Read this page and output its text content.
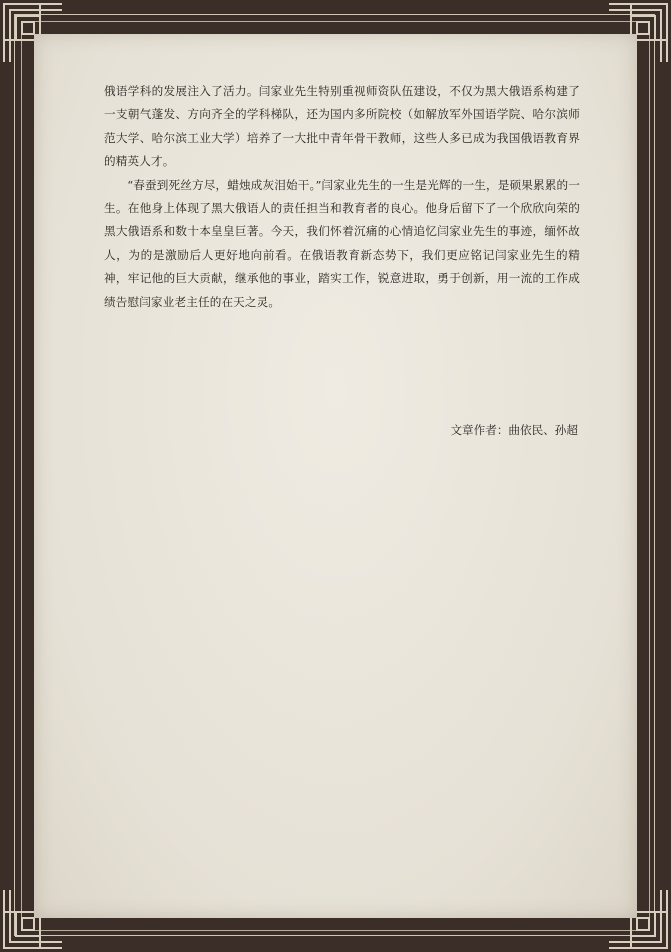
俄语学科的发展注入了活力。闫家业先生特别重视师资队伍建设，不仅为黑大俄语系构建了一支朝气蓬发、方向齐全的学科梯队，还为国内多所院校（如解放军外国语学院、哈尔滨师范大学、哈尔滨工业大学）培养了一大批中青年骨干教师，这些人多已成为我国俄语教育界的精英人才。

“春蚕到死丝方尽，蜡烛成灰泪始干。”闫家业先生的一生是光辉的一生，是硕果累累的一生。在他身上体现了黑大俄语人的责任担当和教育者的良心。他身后留下了一个欣欣向荣的黑大俄语系和数十本皇皇巨著。今天，我们怀着沉痛的心情追忆闫家业先生的事迹，缅怀故人，为的是激励后人更好地向前看。在俄语教育新态势下，我们更应铭记闫家业先生的精神，牢记他的巨大贡献，继承他的事业，踏实工作，锐意进取，勇于创新，用一流的工作成绩告慰闫家业老主任的在天之灵。

文章作者：曲依民、孙超
